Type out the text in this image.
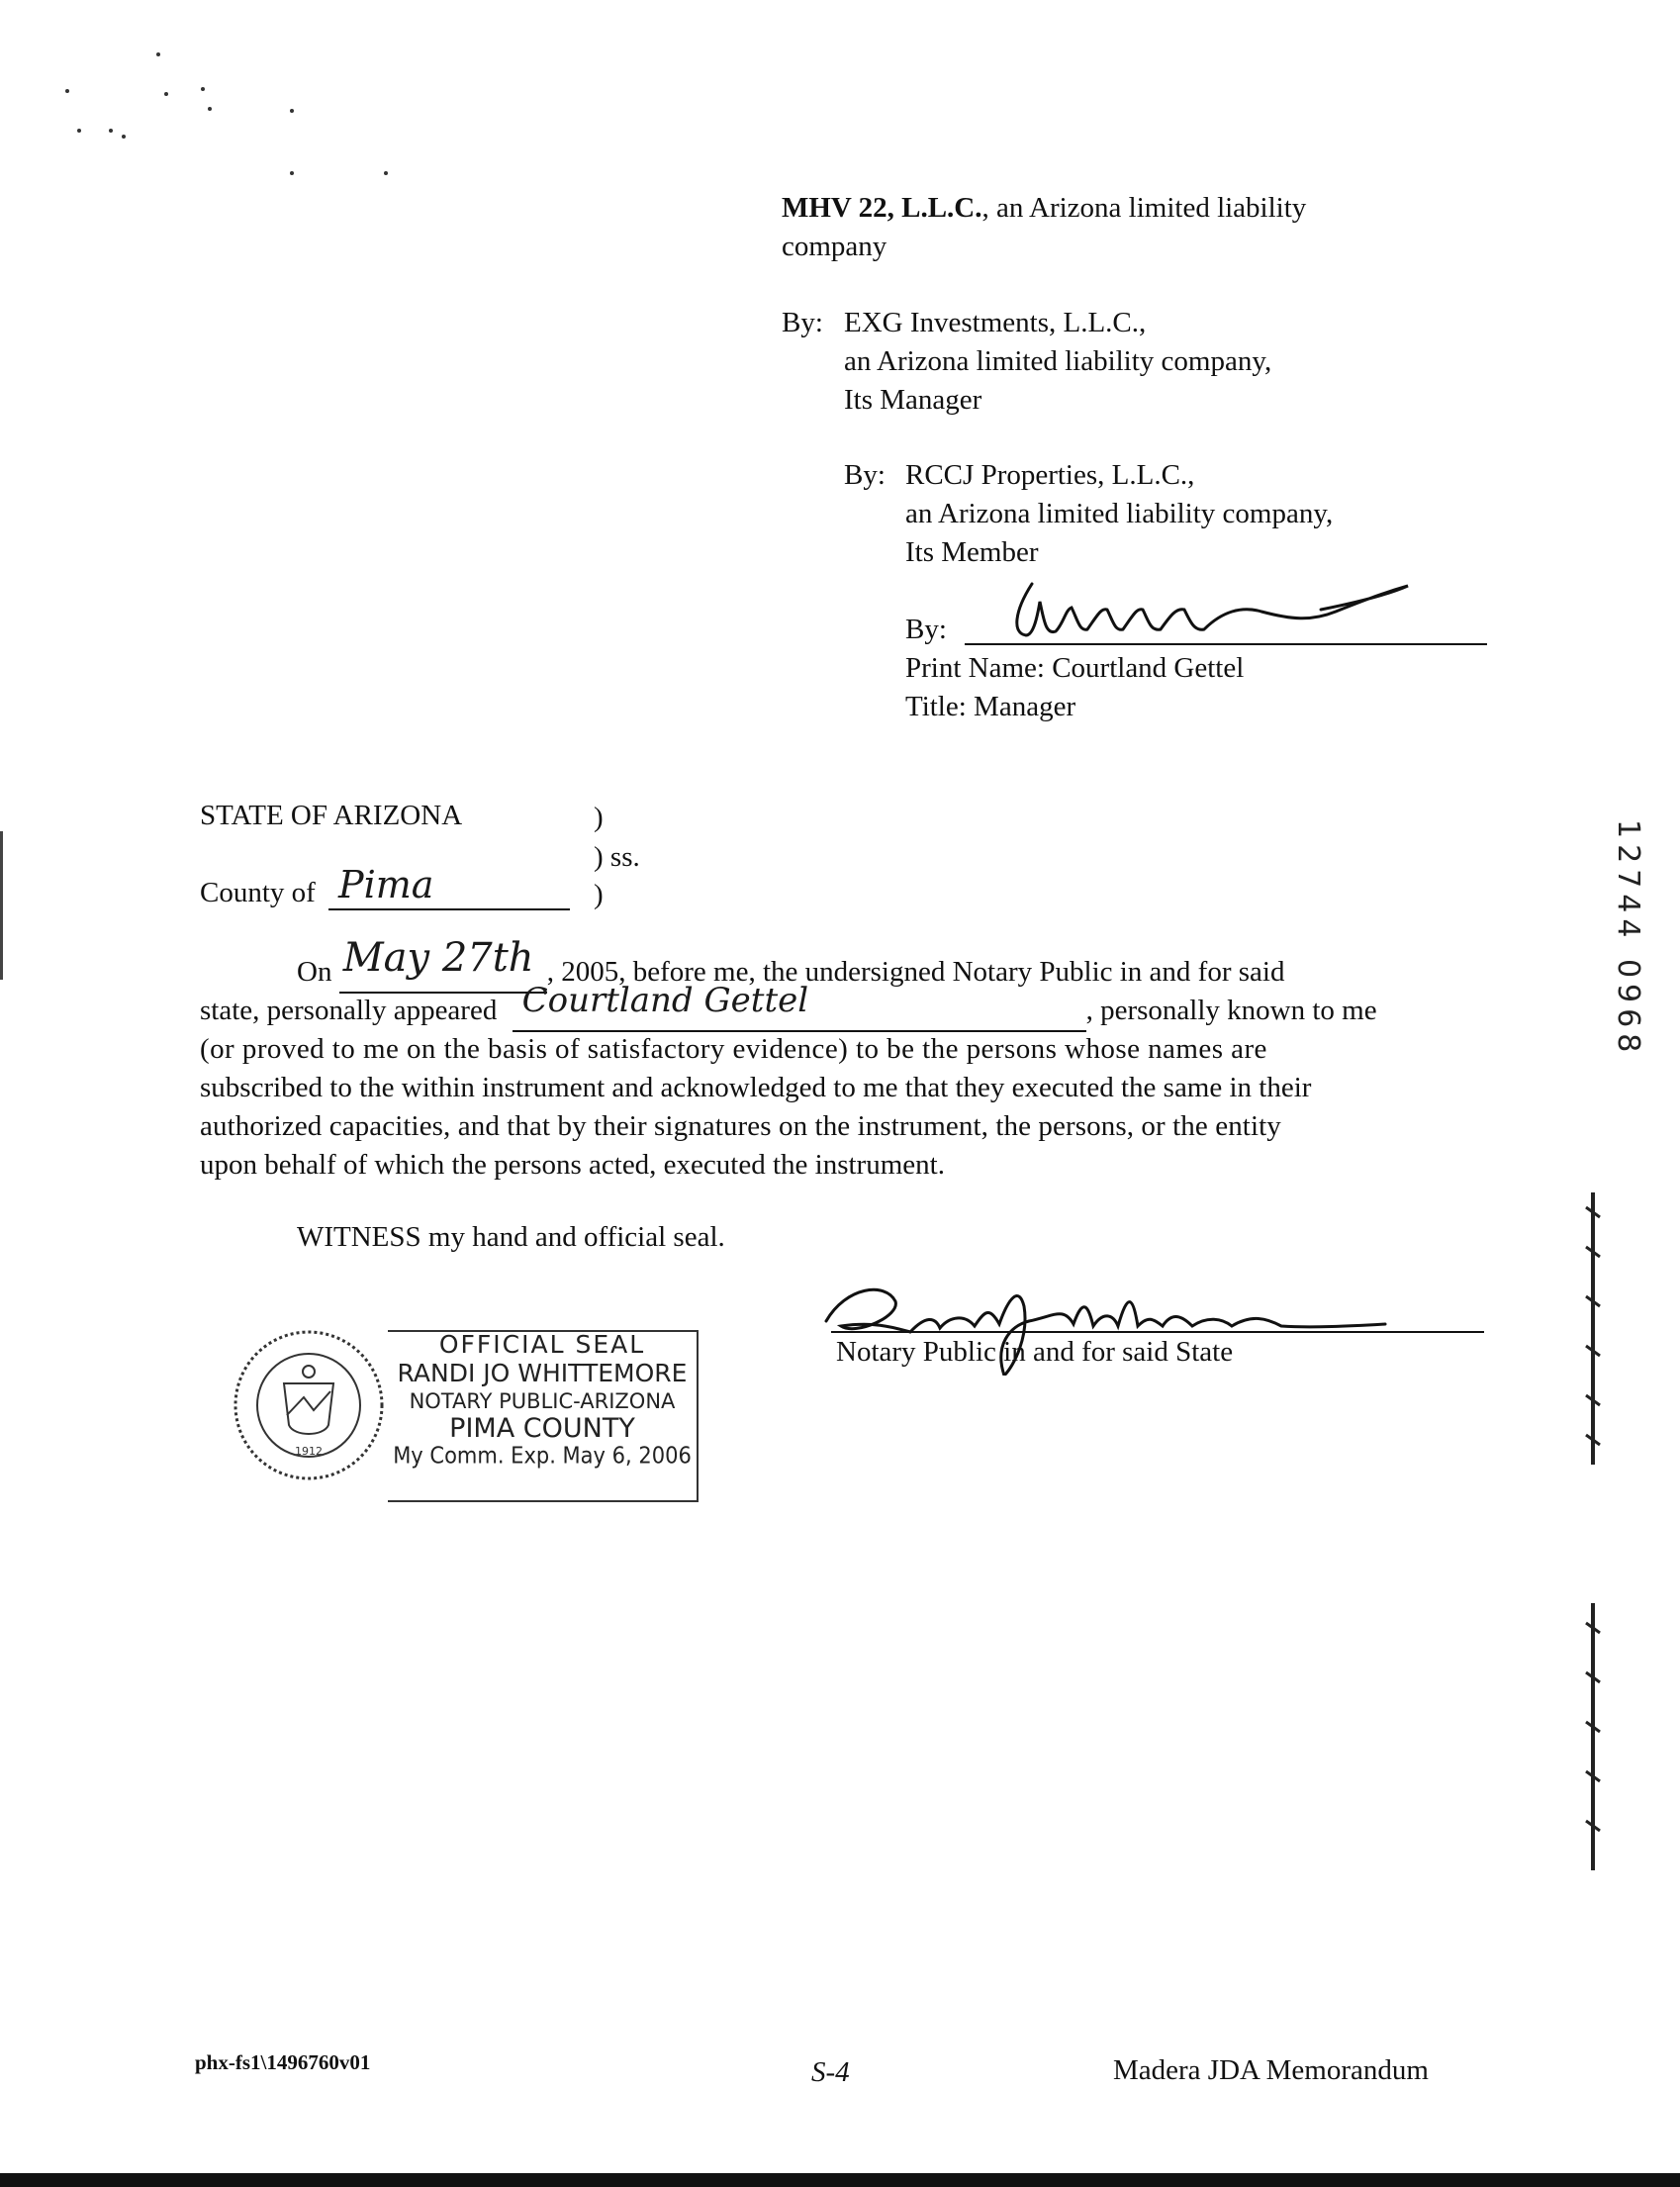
MHV 22, L.L.C., an Arizona limited liability
company
By: EXG Investments, L.L.C.,
an Arizona limited liability company,
Its Manager
By: RCCJ Properties, L.L.C.,
an Arizona limited liability company,
Its Member
By:
Print Name: Courtland Gettel
Title: Manager
STATE OF ARIZONA	)
) ss.
County of Pima	)
On May 27th , 2005, before me, the undersigned Notary Public in and for said
state, personally appeared Courtland Gettel	, personally known to me
(or proved to me on the basis of satisfactory evidence) to be the persons whose names are
subscribed to the within instrument and acknowledged to me that they executed the same in their
authorized capacities, and that by their signatures on the instrument, the persons, or the entity
upon behalf of which the persons acted, executed the instrument.
WITNESS my hand and official seal.
Notary Public in and for said State
1912
OFFICIAL SEAL
RANDI JO WHITTEMORE
NOTARY PUBLIC-ARIZONA
PIMA COUNTY
My Comm. Exp. May 6, 2006
12744 0968
phx-fs1\1496760v01	S-4	Madera JDA Memorandum
